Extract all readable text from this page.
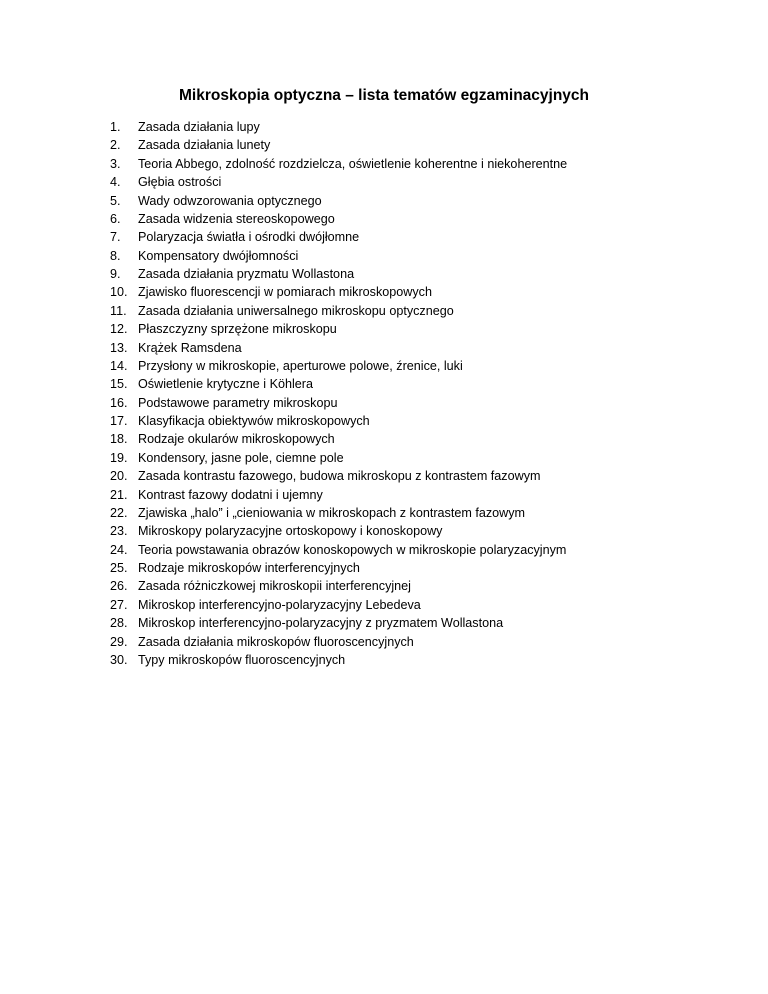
Mikroskopia optyczna – lista tematów egzaminacyjnych
1.	Zasada działania lupy
2.	Zasada działania lunety
3.	Teoria Abbego, zdolność rozdzielcza, oświetlenie koherentne i niekoherentne
4.	Głębia ostrości
5.	Wady odwzorowania optycznego
6.	Zasada widzenia stereoskopowego
7.	Polaryzacja światła i ośrodki dwójłomne
8.	Kompensatory dwójłomności
9.	Zasada działania pryzmatu Wollastona
10. Zjawisko fluorescencji w pomiarach mikroskopowych
11. Zasada działania uniwersalnego mikroskopu optycznego
12. Płaszczyzny sprzężone mikroskopu
13. Krążek Ramsdena
14. Przysłony w mikroskopie, aperturowe polowe, źrenice, luki
15. Oświetlenie krytyczne i Köhlera
16. Podstawowe parametry mikroskopu
17. Klasyfikacja obiektywów mikroskopowych
18. Rodzaje okularów mikroskopowych
19. Kondensory, jasne pole, ciemne pole
20. Zasada kontrastu fazowego, budowa mikroskopu z kontrastem fazowym
21. Kontrast fazowy dodatni i ujemny
22. Zjawiska „halo” i „cieniowania w mikroskopach z kontrastem fazowym
23. Mikroskopy polaryzacyjne ortoskopowy i konoskopowy
24. Teoria powstawania obrazów konoskopowych w mikroskopie polaryzacyjnym
25. Rodzaje mikroskopów interferencyjnych
26. Zasada różniczkowej mikroskopii interferencyjnej
27. Mikroskop interferencyjno-polaryzacyjny Lebedeva
28. Mikroskop interferencyjno-polaryzacyjny z pryzmatem Wollastona
29. Zasada działania mikroskopów fluoroscencyjnych
30. Typy mikroskopów fluoroscencyjnych
